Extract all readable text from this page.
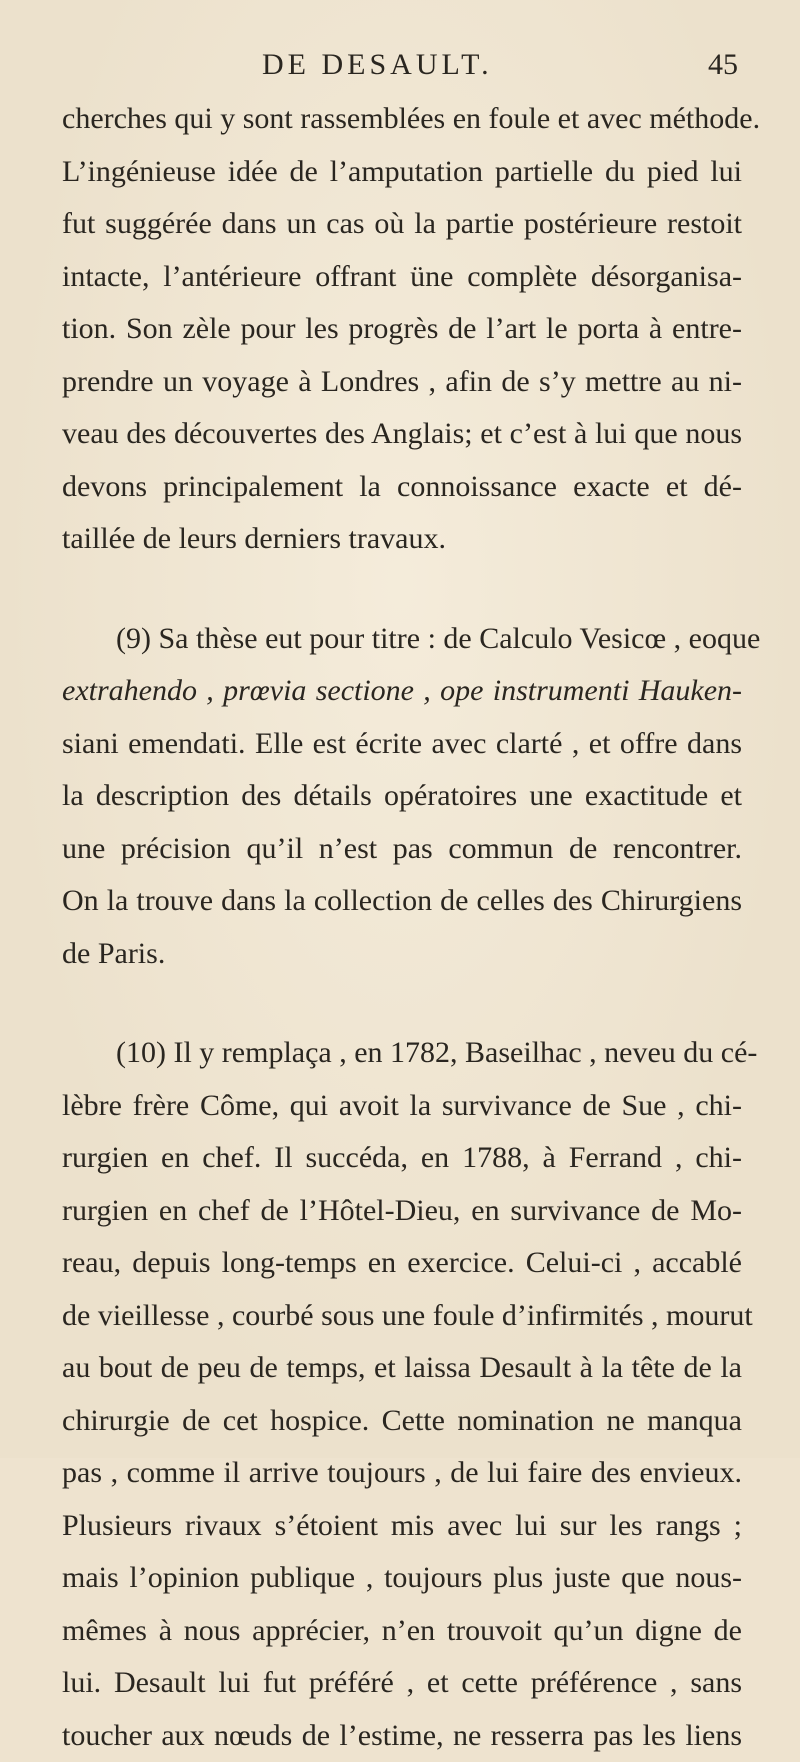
DE DESAULT.	45
cherches qui y sont rassemblées en foule et avec méthode.
L’ingénieuse idée de l’amputation partielle du pied lui
fut suggérée dans un cas où la partie postérieure restoit
intacte, l’antérieure offrant üne complète désorganisa-
tion. Son zèle pour les progrès de l’art le porta à entre-
prendre un voyage à Londres , afin de s’y mettre au ni-
veau des découvertes des Anglais; et c’est à lui que nous
devons principalement la connoissance exacte et dé-
taillée de leurs derniers travaux.
(9) Sa thèse eut pour titre : de Calculo Vesicœ , eoque
extrahendo , prœvia sectione , ope instrumenti Hauken-
siani emendati. Elle est écrite avec clarté , et offre dans
la description des détails opératoires une exactitude et
une précision qu’il n’est pas commun de rencontrer.
On la trouve dans la collection de celles des Chirurgiens
de Paris.
(10) Il y remplaça , en 1782, Baseilhac , neveu du cé-
lèbre frère Côme, qui avoit la survivance de Sue , chi-
rurgien en chef. Il succéda, en 1788, à Ferrand , chi-
rurgien en chef de l’Hôtel-Dieu, en survivance de Mo-
reau, depuis long-temps en exercice. Celui-ci , accablé
de vieillesse , courbé sous une foule d’infirmités , mourut
au bout de peu de temps, et laissa Desault à la tête de la
chirurgie de cet hospice. Cette nomination ne manqua
pas , comme il arrive toujours , de lui faire des envieux.
Plusieurs rivaux s’étoient mis avec lui sur les rangs ;
mais l’opinion publique , toujours plus juste que nous-
mêmes à nous apprécier, n’en trouvoit qu’un digne de
lui. Desault lui fut préféré , et cette préférence , sans
toucher aux nœuds de l’estime, ne resserra pas les liens
